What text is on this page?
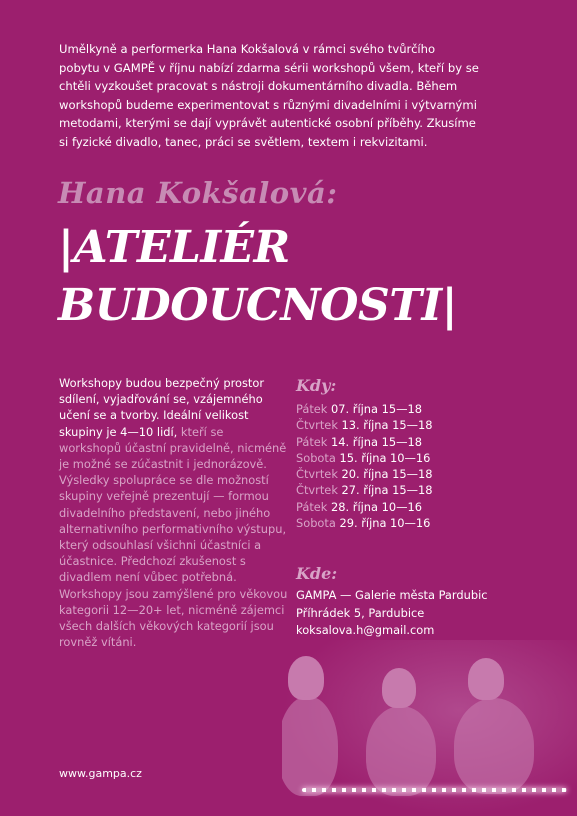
Umělkyně a performerka Hana Kokšalová v rámci svého tvůrčího pobytu v GAMPĚ v říjnu nabízí zdarma sérii workshopů všem, kteří by se chtěli vyzkoušet pracovat s nástroji dokumentárního divadla. Během workshopů budeme experimentovat s různými divadelními i výtvarnými metodami, kterými se dají vyprávět autentické osobní příběhy. Zkusíme si fyzické divadlo, tanec, práci se světlem, textem i rekvizitami.
Hana Kokšalová:
|ATELIÉR
BUDOUCNOSTI|
Workshopy budou bezpečný prostor sdílení, vyjadřování se, vzájemného učení se a tvorby. Ideální velikost skupiny je 4—10 lidí, kteří se workshopů účastní pravidelně, nicméně je možné se zúčastnit i jednorázově. Výsledky spolupráce se dle možností skupiny veřejně prezentují — formou divadelního představení, nebo jiného alternativního performativního výstupu, který odsouhlasí všichni účastníci a účastnice. Předchozí zkušenost s divadlem není vůbec potřebná. Workshopy jsou zamýšlené pro věkovou kategorii 12—20+ let, nicméně zájemci všech dalších věkových kategorií jsou rovněž vítáni.
Kdy:
Pátek 07. října 15—18
Čtvrtek 13. října 15—18
Pátek 14. října 15—18
Sobota 15. října 10—16
Čtvrtek 20. října 15—18
Čtvrtek 27. října 15—18
Pátek 28. října 10—16
Sobota 29. října 10—16
Kde:
GAMPA — Galerie města Pardubic
Příhrádek 5, Pardubice
koksalova.h@gmail.com
www.gampa.cz
